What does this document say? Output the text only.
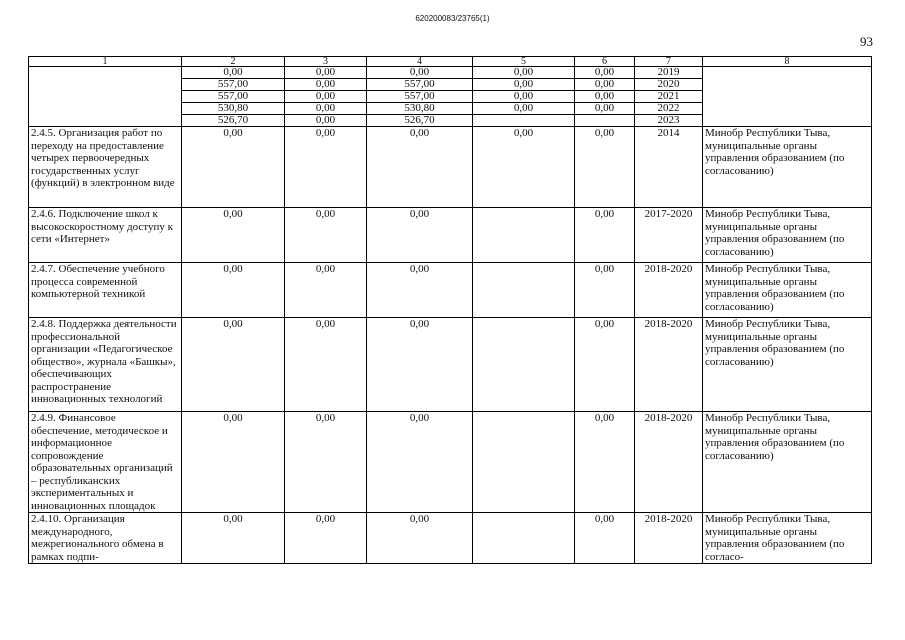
620200083/23765(1)
93
1	2	3	4	5	6	7	8
	0,00	0,00	0,00	0,00	0,00	2019	
	557,00	0,00	557,00	0,00	0,00	2020	
	557,00	0,00	557,00	0,00	0,00	2021	
	530,80	0,00	530,80	0,00	0,00	2022	
	526,70	0,00	526,70			2023	
2.4.5. Организация работ по переходу на предоставление четырех первоочередных государственных услуг (функций) в электронном виде	0,00	0,00	0,00	0,00	0,00	2014	Минобр Республики Тыва, муниципальные органы управления образованием (по согласованию)
2.4.6. Подключение школ к высокоскоростному доступу к сети «Интернет»	0,00	0,00	0,00		0,00	2017-2020	Минобр Республики Тыва, муниципальные органы управления образованием (по согласованию)
2.4.7. Обеспечение учебного процесса современной компьютерной техникой	0,00	0,00	0,00		0,00	2018-2020	Минобр Республики Тыва, муниципальные органы управления образованием (по согласованию)
2.4.8. Поддержка деятельности профессиональной организации «Педагогическое общество», журнала «Башкы», обеспечивающих распространение инновационных технологий	0,00	0,00	0,00		0,00	2018-2020	Минобр Республики Тыва, муниципальные органы управления образованием (по согласованию)
2.4.9. Финансовое обеспечение, методическое и информационное сопровождение образовательных организаций – республиканских экспериментальных и инновационных площадок	0,00	0,00	0,00		0,00	2018-2020	Минобр Республики Тыва, муниципальные органы управления образованием (по согласованию)
2.4.10. Организация международного, межрегионального обмена в рамках подпи-	0,00	0,00	0,00		0,00	2018-2020	Минобр Республики Тыва, муниципальные органы управления образованием (по согласо-
